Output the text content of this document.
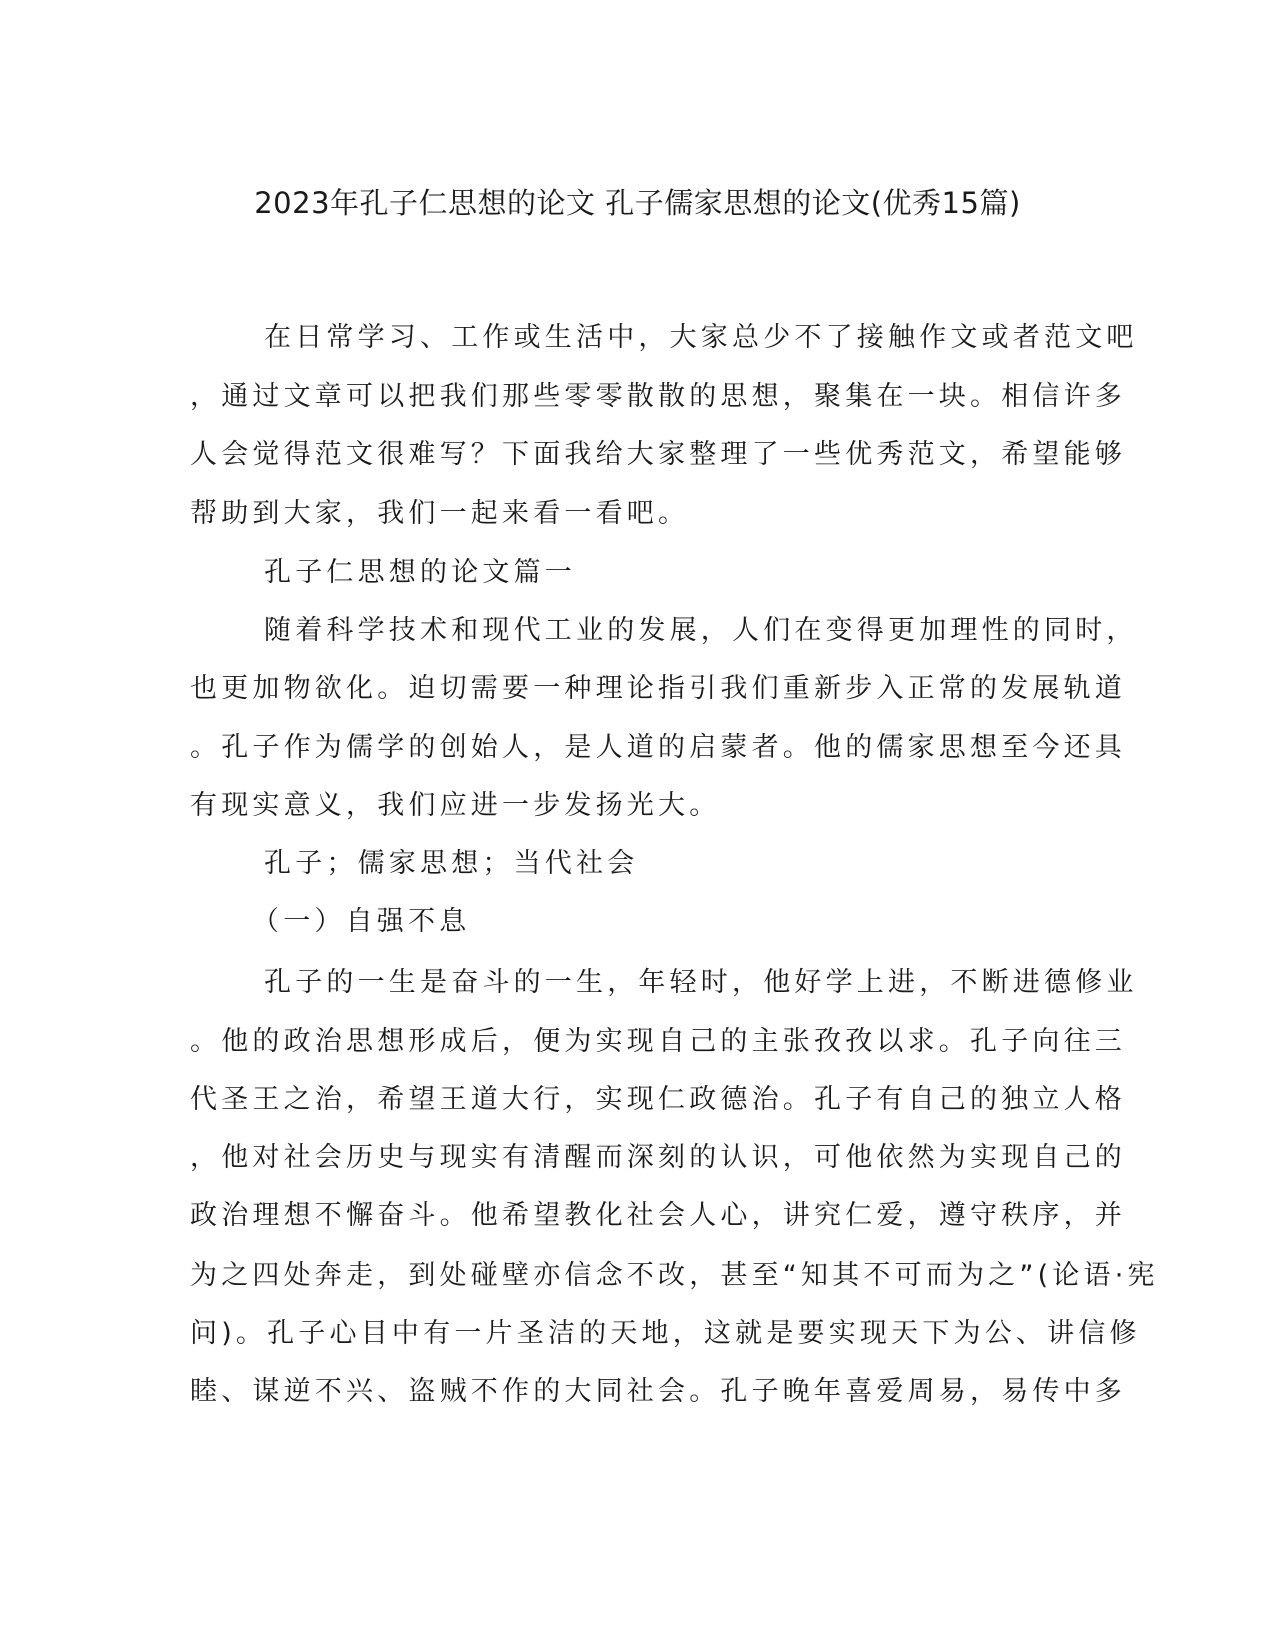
2023年孔子仁思想的论文 孔子儒家思想的论文(优秀15篇)
在日常学习、工作或生活中，大家总少不了接触作文或者范文吧
，通过文章可以把我们那些零零散散的思想，聚集在一块。相信许多
人会觉得范文很难写？下面我给大家整理了一些优秀范文，希望能够
帮助到大家，我们一起来看一看吧。
孔子仁思想的论文篇一
随着科学技术和现代工业的发展，人们在变得更加理性的同时，
也更加物欲化。迫切需要一种理论指引我们重新步入正常的发展轨道
。孔子作为儒学的创始人，是人道的启蒙者。他的儒家思想至今还具
有现实意义，我们应进一步发扬光大。
孔子；儒家思想；当代社会
（一）自强不息
孔子的一生是奋斗的一生，年轻时，他好学上进，不断进德修业
。他的政治思想形成后，便为实现自己的主张孜孜以求。孔子向往三
代圣王之治，希望王道大行，实现仁政德治。孔子有自己的独立人格
，他对社会历史与现实有清醒而深刻的认识，可他依然为实现自己的
政治理想不懈奋斗。他希望教化社会人心，讲究仁爱，遵守秩序，并
为之四处奔走，到处碰壁亦信念不改，甚至“知其不可而为之”(论语·宪
问)。孔子心目中有一片圣洁的天地，这就是要实现天下为公、讲信修
睦、谋逆不兴、盗贼不作的大同社会。孔子晚年喜爱周易，易传中多
